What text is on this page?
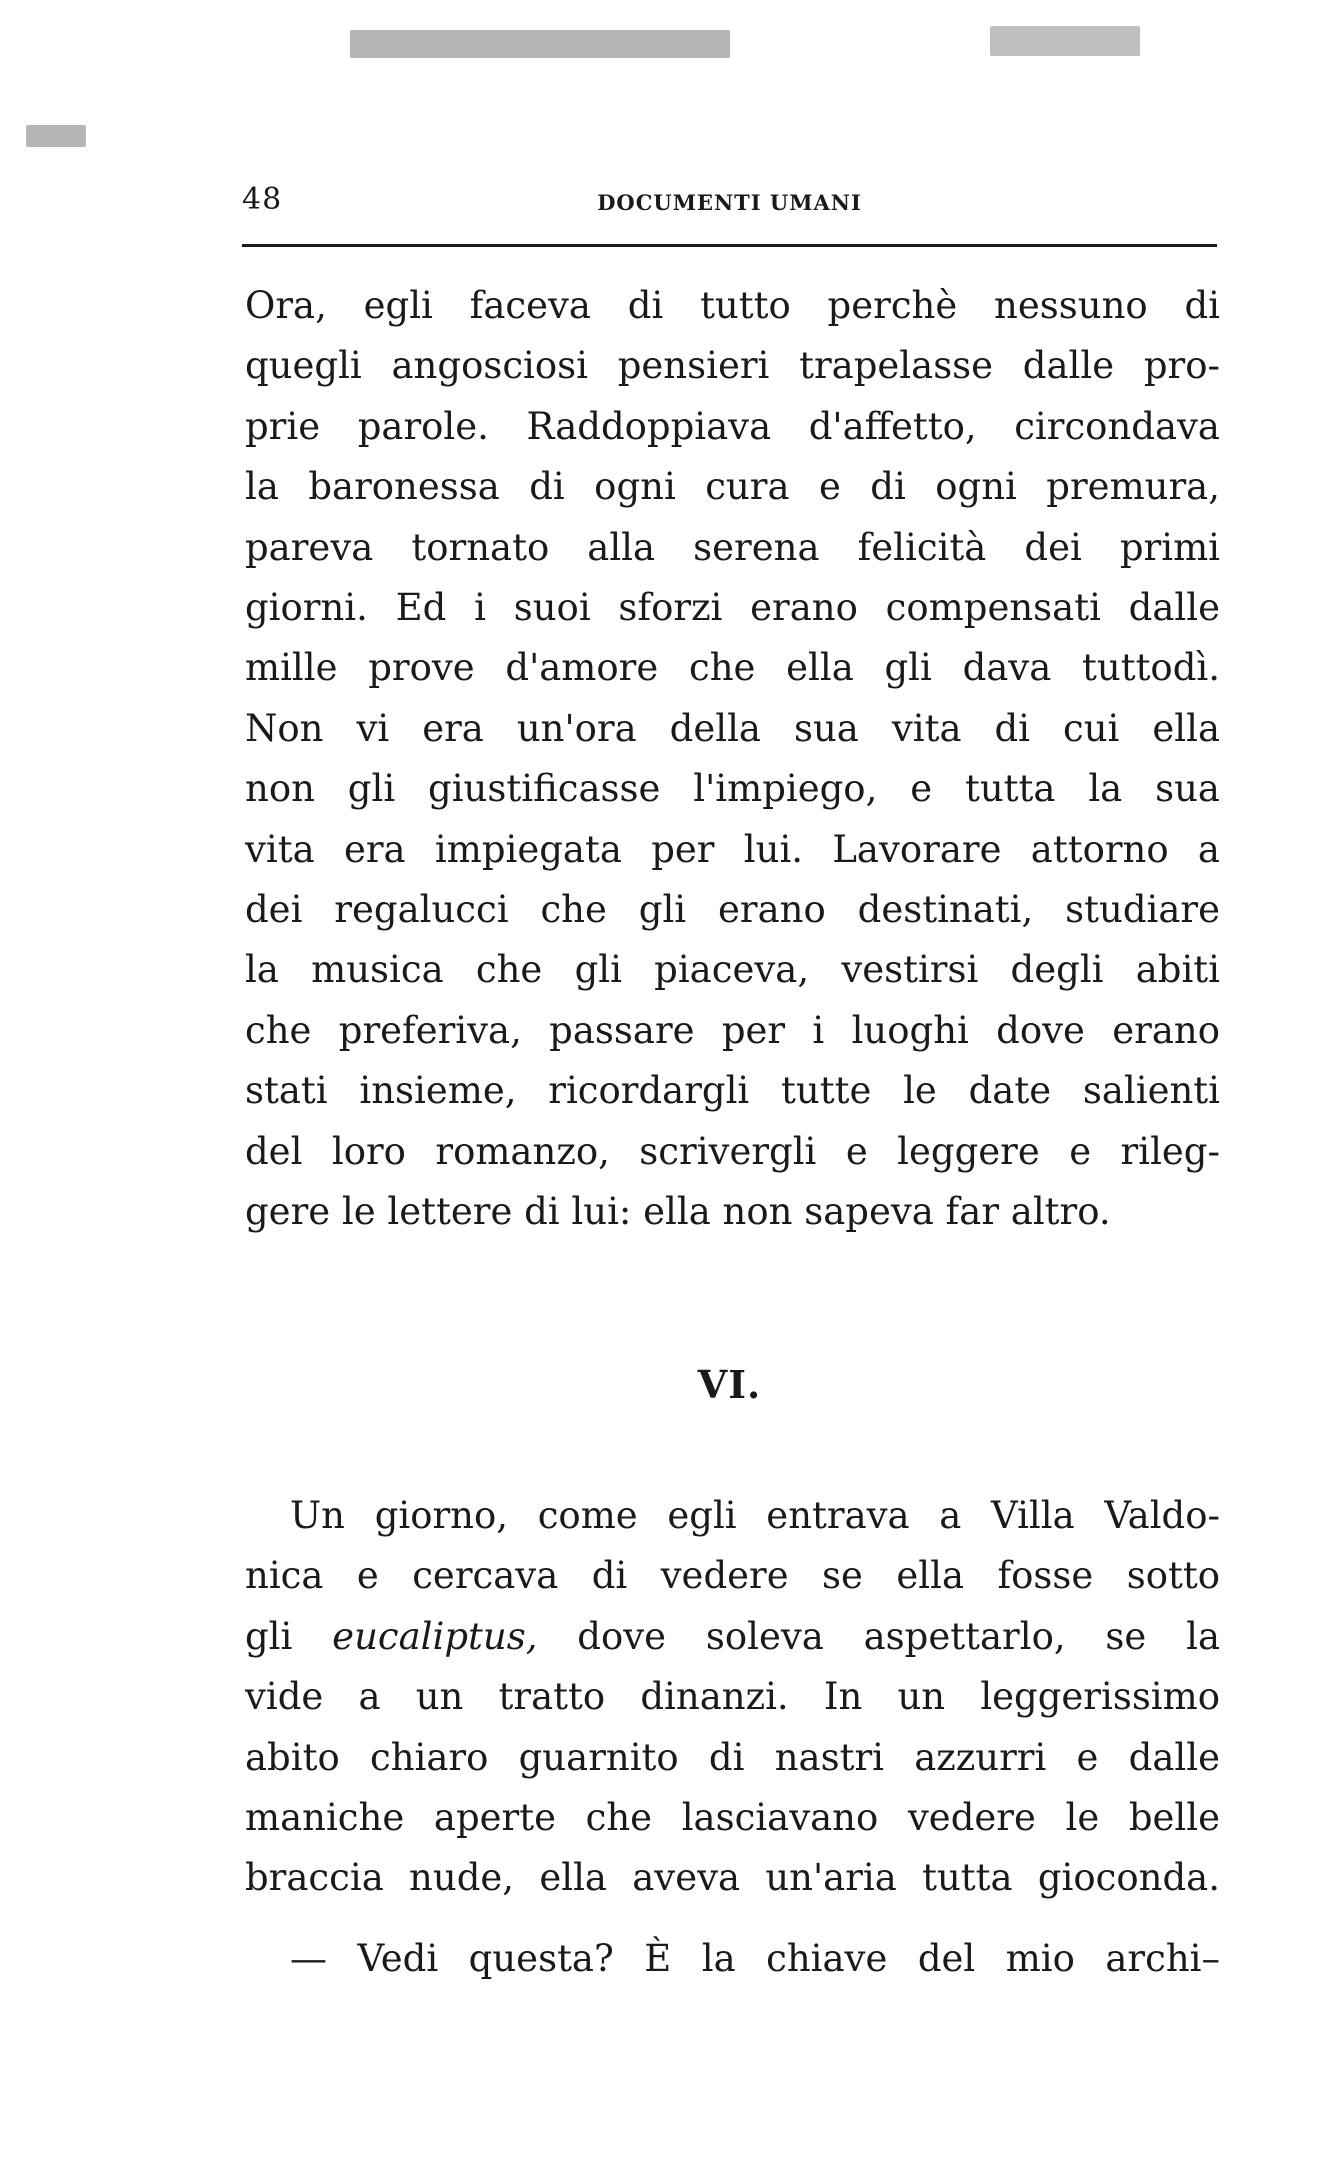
48	DOCUMENTI UMANI
Ora, egli faceva di tutto perchè nessuno di
quegli angosciosi pensieri trapelasse dalle pro-
prie parole. Raddoppiava d'affetto, circondava
la baronessa di ogni cura e di ogni premura,
pareva tornato alla serena felicità dei primi
giorni. Ed i suoi sforzi erano compensati dalle
mille prove d'amore che ella gli dava tuttodì.
Non vi era un'ora della sua vita di cui ella
non gli giustificasse l'impiego, e tutta la sua
vita era impiegata per lui. Lavorare attorno a
dei regalucci che gli erano destinati, studiare
la musica che gli piaceva, vestirsi degli abiti
che preferiva, passare per i luoghi dove erano
stati insieme, ricordargli tutte le date salienti
del loro romanzo, scrivergli e leggere e rileg-
gere le lettere di lui: ella non sapeva far altro.
VI.
Un giorno, come egli entrava a Villa Valdo-
nica e cercava di vedere se ella fosse sotto
gli eucaliptus, dove soleva aspettarlo, se la
vide a un tratto dinanzi. In un leggerissimo
abito chiaro guarnito di nastri azzurri e dalle
maniche aperte che lasciavano vedere le belle
braccia nude, ella aveva un'aria tutta gioconda.
— Vedi questa? È la chiave del mio archi–
